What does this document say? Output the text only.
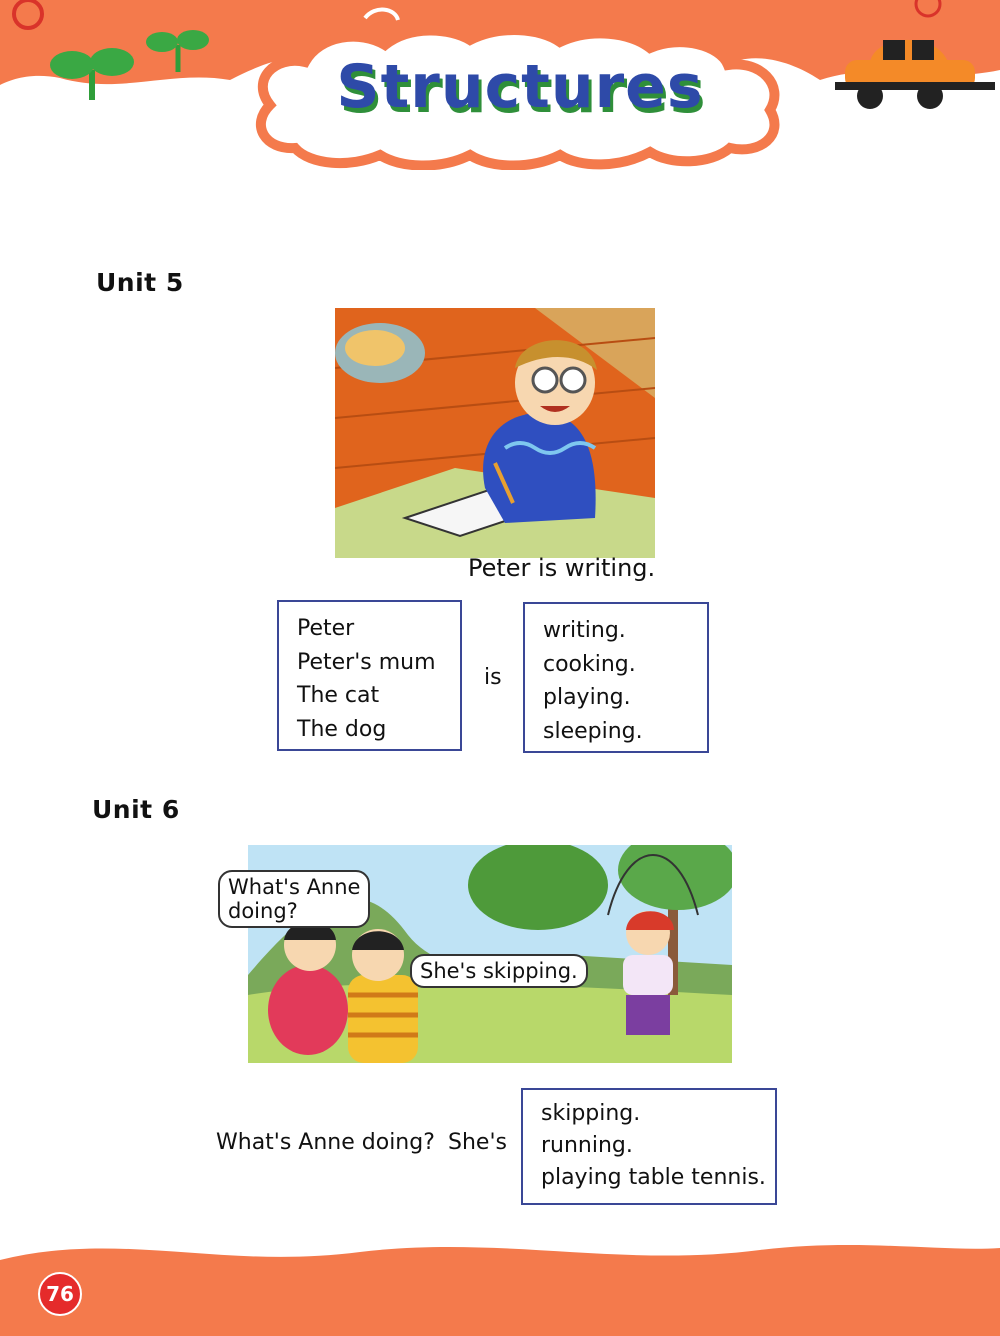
Structures
Unit 5
Peter is writing.
Peter
Peter's mum
The cat
The dog
is
writing.
cooking.
playing.
sleeping.
Unit 6
What's Anne
doing?
She's skipping.
What's Anne doing? She's
skipping.
running.
playing table tennis.
76
